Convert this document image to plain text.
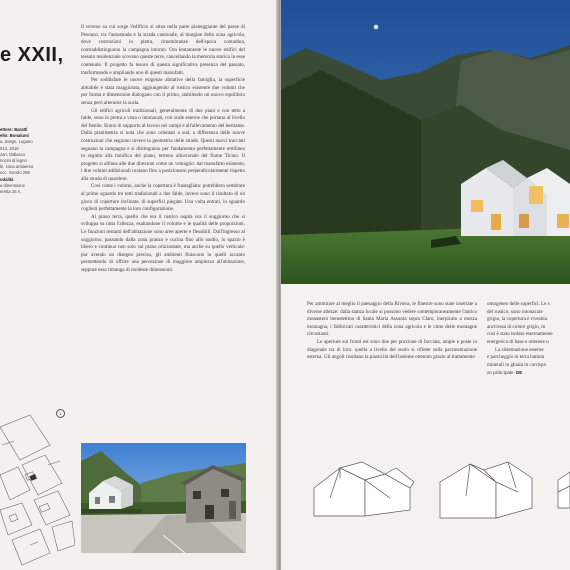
e XXII,
ettore: Baratti
ello: Bonalumi
a, Zeitgn, Lugano
013, 2015
zari, Dallasco
nocini di legno
le, zona antiaerea
ecc. Secolo 295
odalità
a dimensione
eretta 25 A,

Il terreno su cui sorge l'edificio si situa nella parte pianeggiante del paese di Pesonzo, tra l'autostrada e la strada cantonale, al margine della zona agricola, dove costruzioni in pietra, rimembranze dell'epoca contadina, contraddistinguono la campagna intorno. Ora lentamente le nuove edifici del tessuto residenziale scovano queste terre, cancellando la memoria storica in esse contenute. Il progetto fa tesoro di questa significativa presenza del passato, trasformando e ampliando uno di questi manufatti.

Per soddisfare le nuove esigenze abitative della famiglia, la superficie abitabile è stata maggiorata, aggiungendo al rustico esistente due volumi che per forma e dimensione dialogano con il primo, stabilendo un nuovo equilibrio senza però alterarne la scala.

Gli edifici agricoli tradizionali, generalmente di due piani e con tetto a falde, sono in pietra a vista o intonacati, con scale esterne che portano al livello del fienile. Erano di supporto al lavoro nei campi e all'allevamento del bestiame. Dalla planimetria si nota che sono orientati a sud, a differenza delle nuove costruzioni che seguono invece la geometria delle strade. Questi nuovi tracciati segnano la campagna e si distinguono per l'andamento perfettamente rettilineo in seguito alla bonifica del piano, terreno alluvionale del fiume Ticino. Il progetto si allinea alle due direzioni come un ventaglio: dal manufatto esistente, i due volumi addizionali ruotano fino a posizionarsi perpendicolarmente rispetto alla strada di quartiere.

Così come i volumi, anche la copertura è frastagliata: potrebbero sembrare al primo sguardo tre tetti tradizionali a due falde, invece sono il risultato di un gioco di coperture inclinate, di superfici piegate. Una volta entrati, lo sguardo coglierà perfettamente la loro configurazione.

Al piano terra, quello che era il rustico ospita ora il soggiorno che si sviluppa su tutta l'altezza, esaltandone il volume e le qualità delle proporzioni. Le funzioni restanti dell'abitazione sono aree aperte e flessibili. Dall'ingresso al soggiorno, passando dalla zona pranzo e cucina fino allo studio, lo spazio è libero e continuo non solo sul piano orizzontale, ma anche su quello verticale: pur avendo un disegno preciso, gli ambienti fluiscono in quelli accanto permettendo di offrire una percezione di maggiore ampiezza all'abitazione, seppure essa rimanga di modeste dimensioni.

1

Per ammirare al meglio il paesaggio della Riviera, le finestre sono state inseriate a diverse altezze: dalla stanza locale si possono vedere contemporaneamente l'antico monastero benedettino di Santa Maria Assunta sopra Claro, inerpicato a mezza montagna, i fabbricati caratteristici della zona agricola e le cime delle montagne circostanti.

Le aperture sui fronti est sono due per porzione di facciata, ampie e poste in diagonale tra di loro: quella a livello del suolo si riflette sulla pavimentazione esterna. Gli angoli risultano la plasticità dell'insieme ottenuto grazie al trattamento

omogeneo delle superfici. Le s
del rustico, sono intonacate
grigio, la copertura è rivestita
anch'essa di colore grigio, m
così è stato isolato esternamente
energetico di base e ottenere u
La sistemazione esterne
e parcheggio in terra battuta
minerali in ghiaia in corrispo
zo principale. DE
